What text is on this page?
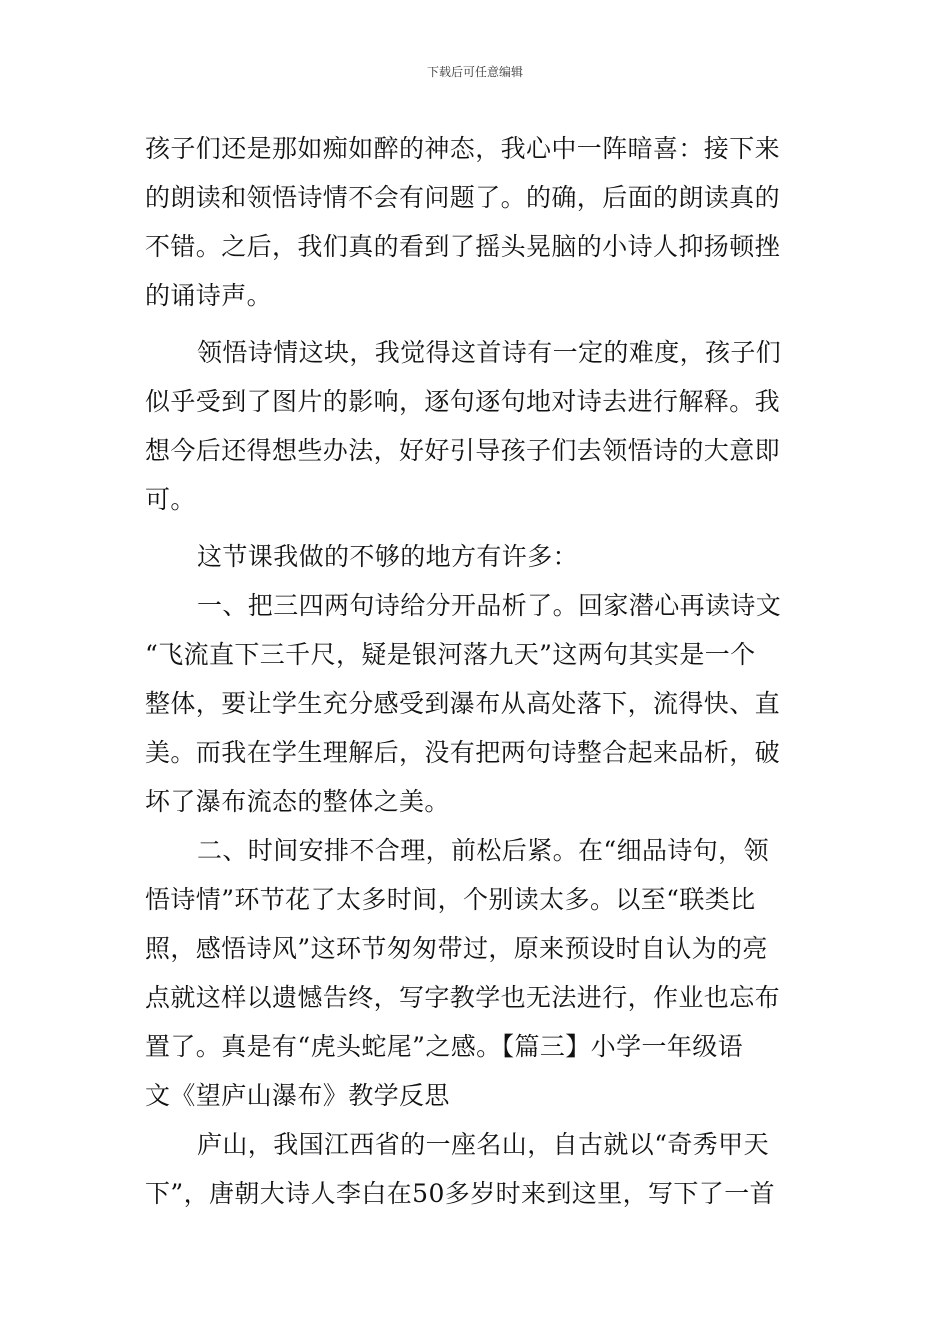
下载后可任意编辑
孩子们还是那如痴如醉的神态，我心中一阵暗喜：接下来
的朗读和领悟诗情不会有问题了。的确，后面的朗读真的
不错。之后，我们真的看到了摇头晃脑的小诗人抑扬顿挫
的诵诗声。
领悟诗情这块，我觉得这首诗有一定的难度，孩子们
似乎受到了图片的影响，逐句逐句地对诗去进行解释。我
想今后还得想些办法，好好引导孩子们去领悟诗的大意即
可。
这节课我做的不够的地方有许多：
一、把三四两句诗给分开品析了。回家潜心再读诗文
“飞流直下三千尺，疑是银河落九天”这两句其实是一个
整体，要让学生充分感受到瀑布从高处落下，流得快、直
美。而我在学生理解后，没有把两句诗整合起来品析，破
坏了瀑布流态的整体之美。
二、时间安排不合理，前松后紧。在“细品诗句，领
悟诗情”环节花了太多时间，个别读太多。以至“联类比
照，感悟诗风”这环节匆匆带过，原来预设时自认为的亮
点就这样以遗憾告终，写字教学也无法进行，作业也忘布
置了。真是有“虎头蛇尾”之感。【篇三】小学一年级语
文《望庐山瀑布》教学反思
庐山，我国江西省的一座名山，自古就以“奇秀甲天
下”，唐朝大诗人李白在50多岁时来到这里，写下了一首
